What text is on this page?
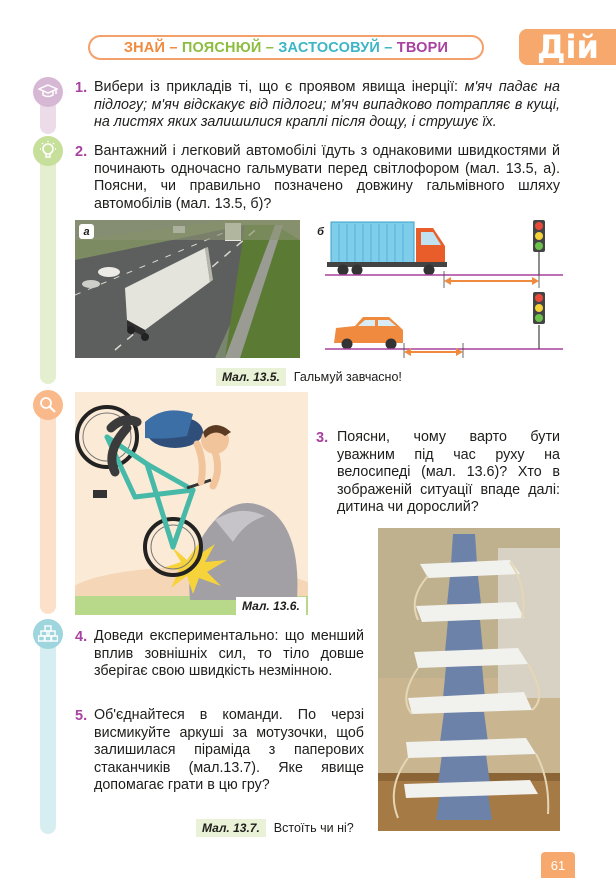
ЗНАЙ
–
ПОЯСНЮЙ
–
ЗАСТОСОВУЙ
–
ТВОРИ	Дій
1. Вибери із прикладів ті, що є проявом явища інерції: м'яч падає на підлогу; м'яч відскакує від підлоги; м'яч випадково потрапляє в кущі, на листях яких залишилися краплі після дощу, і струшує їх.
2. Вантажний і легковий автомобілі їдуть з однаковими швидкостями й починають одночасно гальмувати перед світлофором (мал. 13.5, а). Поясни, чи правильно позначено довжину гальмівного шляху автомобілів (мал. 13.5, б)?
а	б
Мал. 13.5.	Гальмуй завчасно!
Мал. 13.6.
3. Поясни, чому варто бути уважним під час руху на велосипеді (мал. 13.6)? Хто в зображеній ситуації впаде далі: дитина чи дорослий?
4. Доведи експериментально: що менший вплив зовнішніх сил, то тіло довше зберігає свою швидкість незмінною.
5. Об'єднайтеся в команди. По черзі висмикуйте аркуші за мотузочки, щоб залишилася піраміда з паперових стаканчиків (мал.13.7). Яке явище допомагає грати в цю гру?
Мал. 13.7.	Встоїть чи ні?
61
